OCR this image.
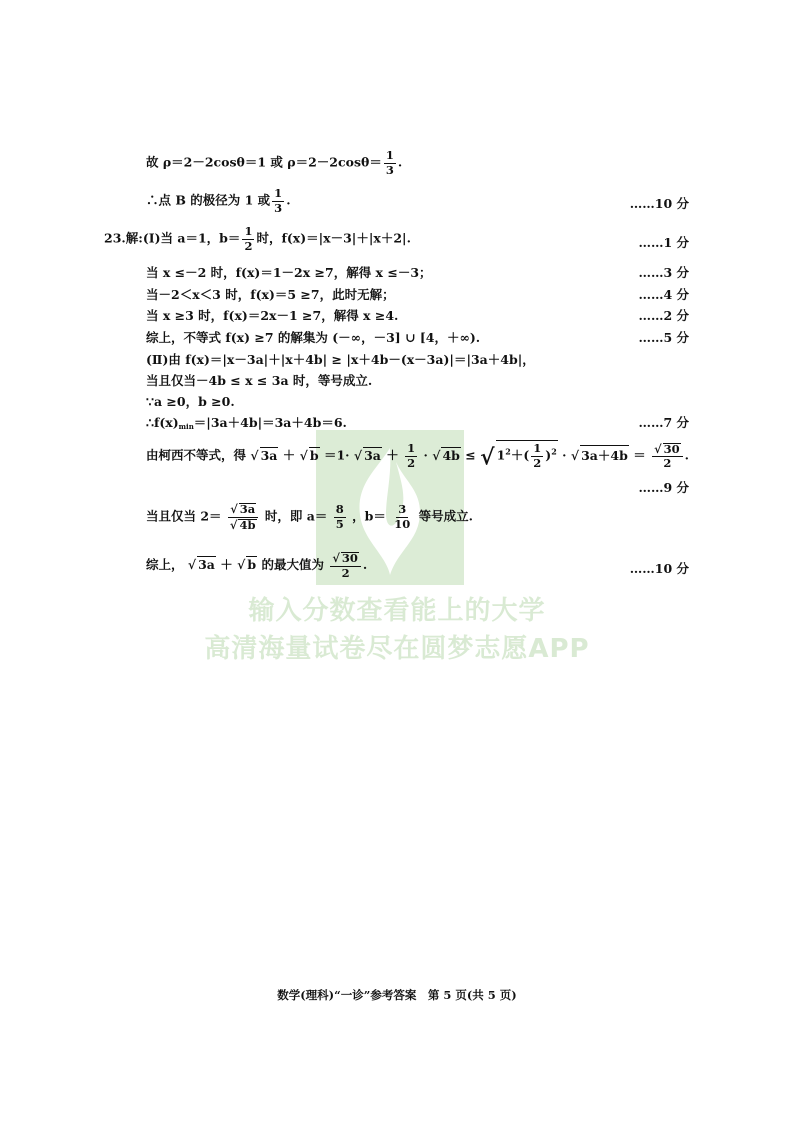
输入分数查看能上的大学
高清海量试卷尽在圆梦志愿APP
故 ρ＝2－2cosθ＝1 或 $\rho=2-2\cos\theta= \frac{1}{3}$ .
∴点 B 的极径为 1 或 $\frac{1}{3}$ .	……10 分
23.解:(Ⅰ)当 a＝1，$b= \frac{1}{2}$ 时，f(x)＝|x－3|＋|x＋2|.	……1 分
当 x ≤－2 时，f(x)＝1－2x ≥7，解得 x ≤－3；	……3 分
当－2＜x＜3 时，f(x)＝5 ≥7，此时无解；	……4 分
当 x ≥3 时，f(x)＝2x－1 ≥7，解得 x ≥4.	……2 分
综上，不等式 f(x) ≥7 的解集为 (－∞，－3] ∪ [4，＋∞).	……5 分
(Ⅱ)由 f(x)＝|x－3a|＋|x＋4b| ≥ |x＋4b－(x－3a)|＝|3a＋4b|，
当且仅当－4b ≤ x ≤ 3a 时，等号成立.
∵a ≥0，b ≥0.
$\therefore f(x)_{min}=|3a+4b|=3a+4b=6$.	……7 分
由柯西不等式，得 √ 3a ＋ √ b ＝1· √ $3a + \frac{1}{2}$ · √ 4b ≤ √ $1^2+( \frac{1}{2} )^2$ · √ 3a＋4b ＝ √ $\frac{30}{2}$ .
……9 分
当且仅当 2＝ √ 3a
√ 4b 时，即 $a= \frac{8}{5}$ ，$b= \frac{3}{10}$ 等号成立.
综上， √ 3a ＋ √ b 的最大值为 √ $\frac{30}{2}$ .	……10 分
数学(理科)“一诊”参考答案　第 5 页(共 5 页)
